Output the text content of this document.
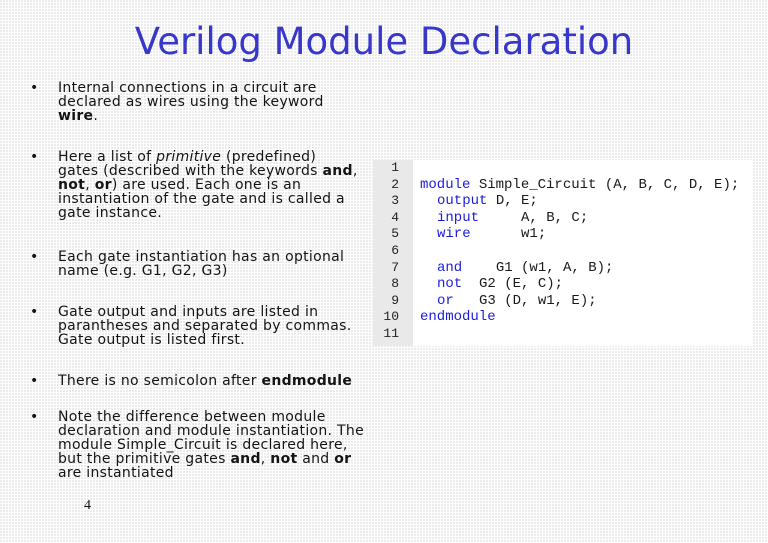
Verilog Module Declaration
• Internal connections in a circuit are declared as wires using the keyword wire.
• Here a list of primitive (predefined) gates (described with the keywords and, not, or) are used. Each one is an instantiation of the gate and is called a gate instance.
• Each gate instantiation has an optional name (e.g. G1, G2, G3)
• Gate output and inputs are listed in parantheses and separated by commas. Gate output is listed first.
• There is no semicolon after endmodule
• Note the difference between module declaration and module instantiation. The module Simple_Circuit is declared here, but the primitive gates and, not and or are instantiated
4
1
2 module Simple_Circuit (A, B, C, D, E);
3	output D, E;
4	input     A, B, C;
5	wire      w1;
6
7	and    G1 (w1, A, B);
8	not  G2 (E, C);
9	or   G3 (D, w1, E);
10 endmodule
11
